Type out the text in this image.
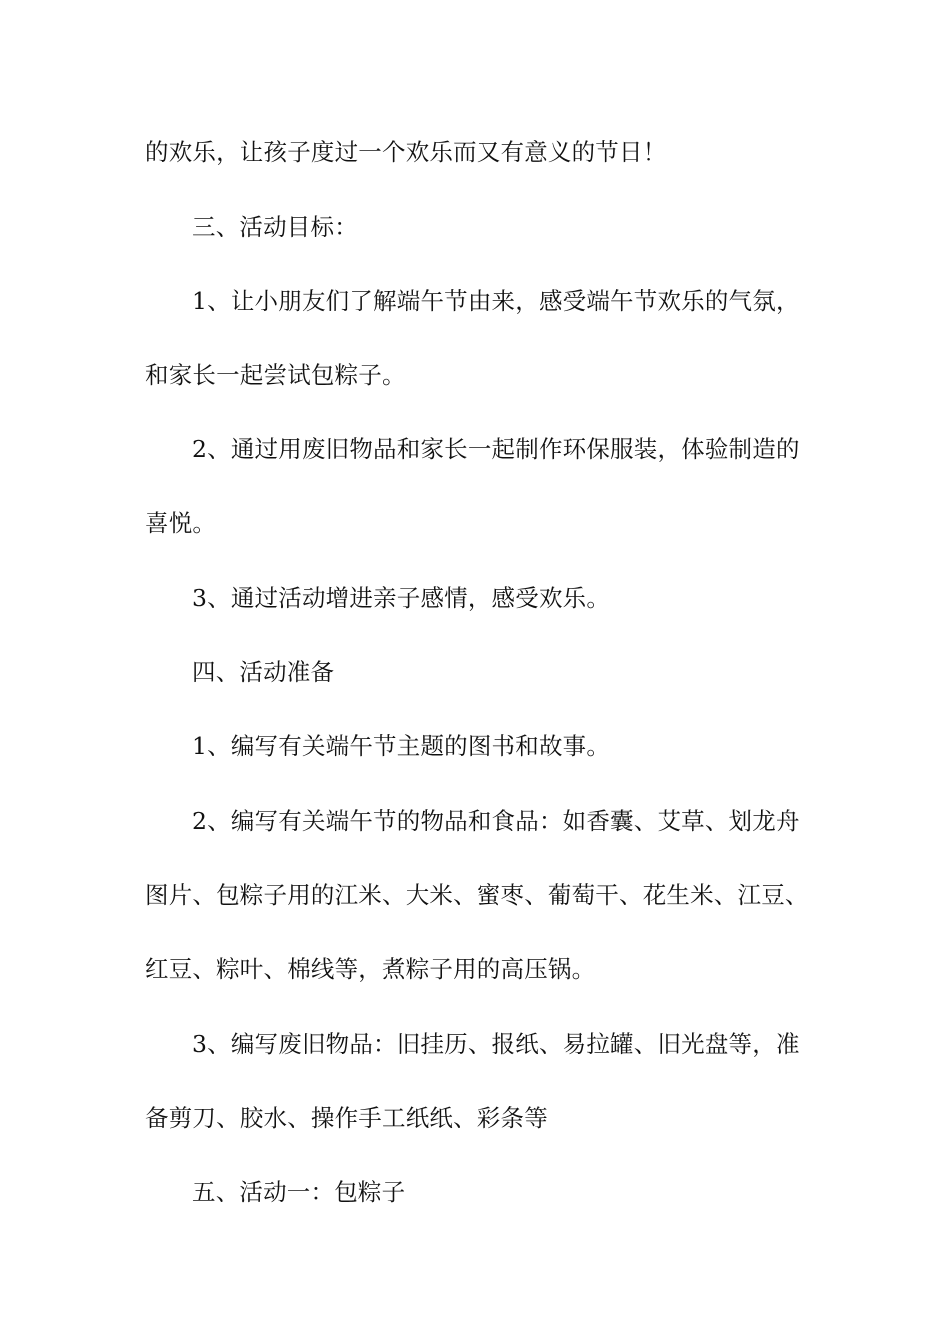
的欢乐，让孩子度过一个欢乐而又有意义的节日！
三、活动目标：
1、让小朋友们了解端午节由来，感受端午节欢乐的气氛，
和家长一起尝试包粽子。
2、通过用废旧物品和家长一起制作环保服装，体验制造的
喜悦。
3、通过活动增进亲子感情，感受欢乐。
四、活动准备
1、编写有关端午节主题的图书和故事。
2、编写有关端午节的物品和食品：如香囊、艾草、划龙舟
图片、包粽子用的江米、大米、蜜枣、葡萄干、花生米、江豆、
红豆、粽叶、棉线等，煮粽子用的高压锅。
3、编写废旧物品：旧挂历、报纸、易拉罐、旧光盘等，准
备剪刀、胶水、操作手工纸纸、彩条等
五、活动一：包粽子
